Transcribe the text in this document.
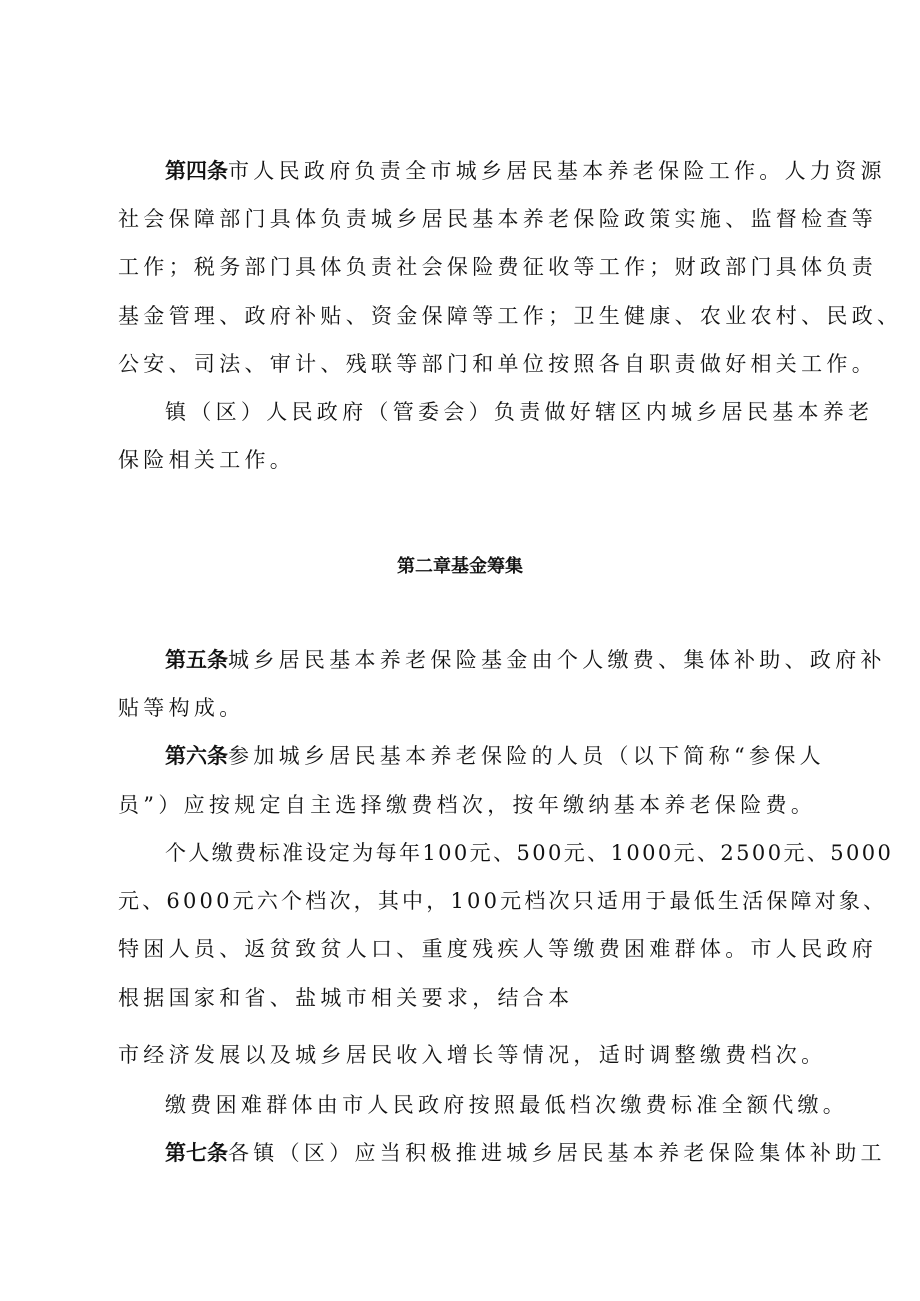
第四条市人民政府负责全市城乡居民基本养老保险工作。人力资源
社会保障部门具体负责城乡居民基本养老保险政策实施、监督检查等
工作；税务部门具体负责社会保险费征收等工作；财政部门具体负责
基金管理、政府补贴、资金保障等工作；卫生健康、农业农村、民政、
公安、司法、审计、残联等部门和单位按照各自职责做好相关工作。
镇（区）人民政府（管委会）负责做好辖区内城乡居民基本养老
保险相关工作。
第二章基金筹集
第五条城乡居民基本养老保险基金由个人缴费、集体补助、政府补
贴等构成。
第六条参加城乡居民基本养老保险的人员（以下简称“参保人
员”）应按规定自主选择缴费档次，按年缴纳基本养老保险费。
个人缴费标准设定为每年100元、500元、1000元、2500元、5000
元、6000元六个档次，其中，100元档次只适用于最低生活保障对象、
特困人员、返贫致贫人口、重度残疾人等缴费困难群体。市人民政府
根据国家和省、盐城市相关要求，结合本
市经济发展以及城乡居民收入增长等情况，适时调整缴费档次。
缴费困难群体由市人民政府按照最低档次缴费标准全额代缴。
第七条各镇（区）应当积极推进城乡居民基本养老保险集体补助工
